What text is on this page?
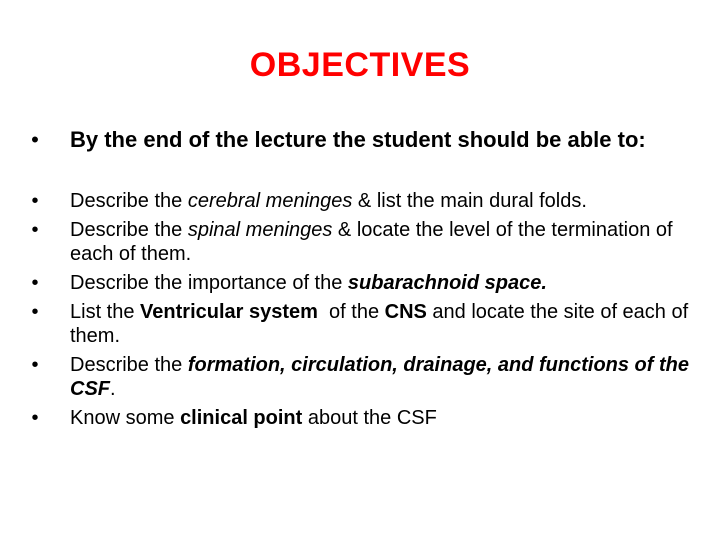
OBJECTIVES
• By the end of the lecture the student should be able to:
• Describe the cerebral meninges & list the main dural folds.
• Describe the spinal meninges & locate the level of the termination of each of them.
• Describe the importance of the subarachnoid space.
• List the Ventricular system  of the CNS and locate the site of each of them.
• Describe the formation, circulation, drainage, and functions of the CSF.
• Know some clinical point about the CSF
